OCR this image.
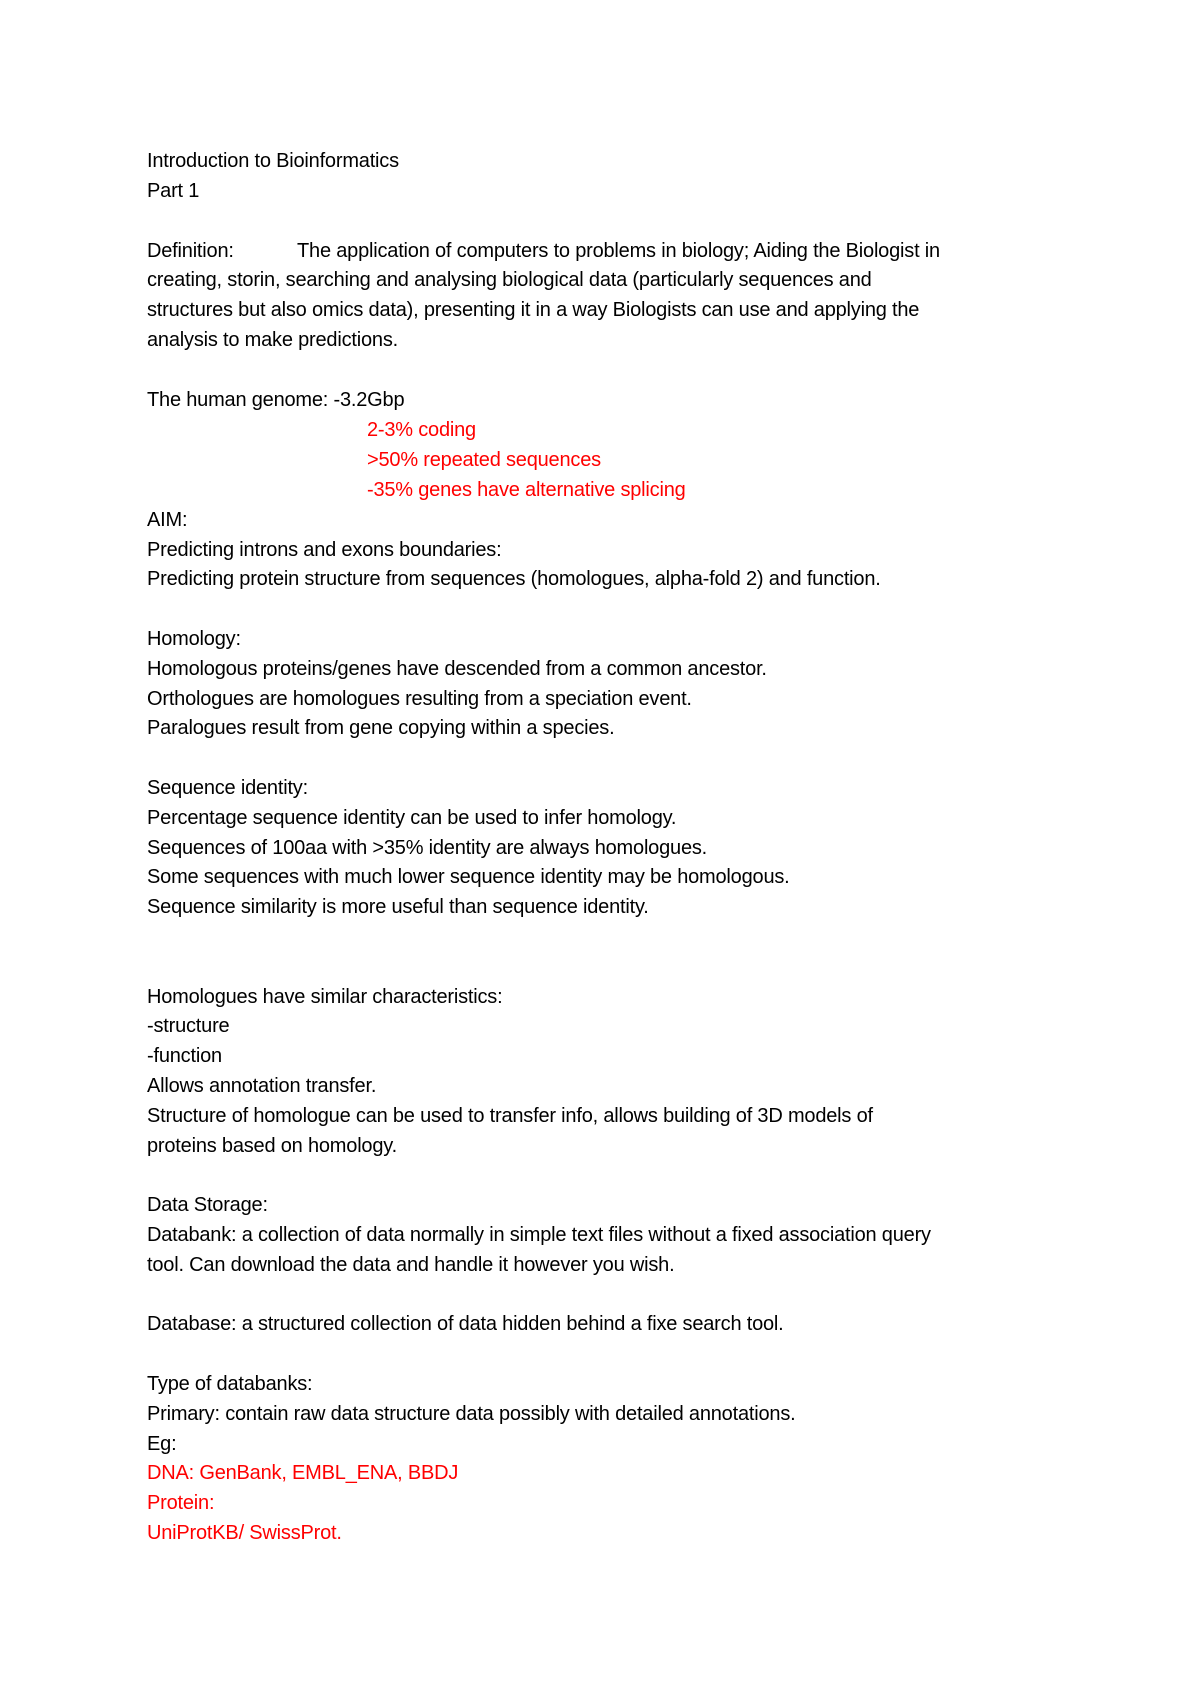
Introduction to Bioinformatics
Part 1
Definition:	The application of computers to problems in biology; Aiding the Biologist in
creating, storin, searching and analysing biological data (particularly sequences and
structures but also omics data), presenting it in a way Biologists can use and applying the
analysis to make predictions.
The human genome: -3.2Gbp
2-3% coding
>50% repeated sequences
-35% genes have alternative splicing
AIM:
Predicting introns and exons boundaries:
Predicting protein structure from sequences (homologues, alpha-fold 2) and function.
Homology:
Homologous proteins/genes have descended from a common ancestor.
Orthologues are homologues resulting from a speciation event.
Paralogues result from gene copying within a species.
Sequence identity:
Percentage sequence identity can be used to infer homology.
Sequences of 100aa with >35% identity are always homologues.
Some sequences with much lower sequence identity may be homologous.
Sequence similarity is more useful than sequence identity.
Homologues have similar characteristics:
-structure
-function
Allows annotation transfer.
Structure of homologue can be used to transfer info, allows building of 3D models of
proteins based on homology.
Data Storage:
Databank: a collection of data normally in simple text files without a fixed association query
tool. Can download the data and handle it however you wish.
Database: a structured collection of data hidden behind a fixe search tool.
Type of databanks:
Primary: contain raw data structure data possibly with detailed annotations.
Eg:
DNA: GenBank, EMBL_ENA, BBDJ
Protein:
UniProtKB/ SwissProt.
